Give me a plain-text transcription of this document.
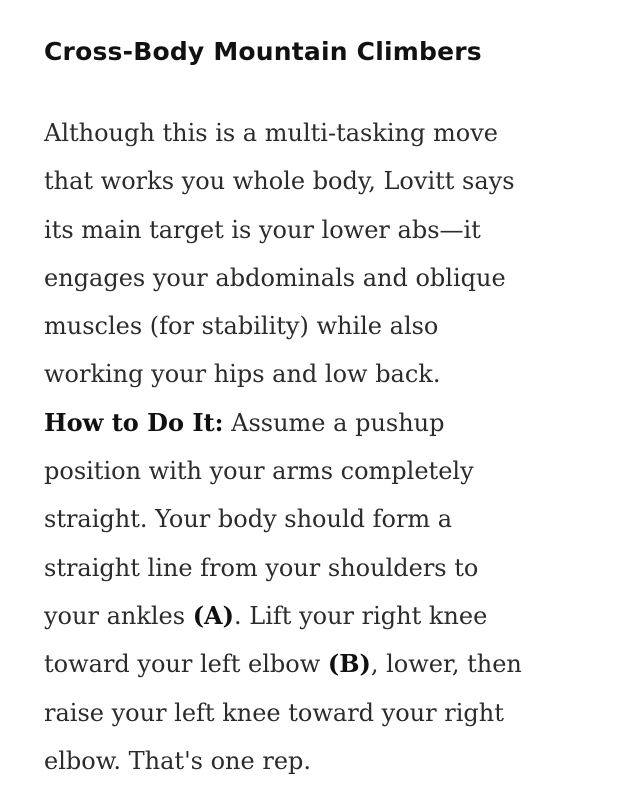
Cross-Body Mountain Climbers
Although this is a multi-tasking move
that works you whole body, Lovitt says
its main target is your lower abs—it
engages your abdominals and oblique
muscles (for stability) while also
working your hips and low back.
How to Do It: Assume a pushup
position with your arms completely
straight. Your body should form a
straight line from your shoulders to
your ankles (A). Lift your right knee
toward your left elbow (B), lower, then
raise your left knee toward your right
elbow. That's one rep.
